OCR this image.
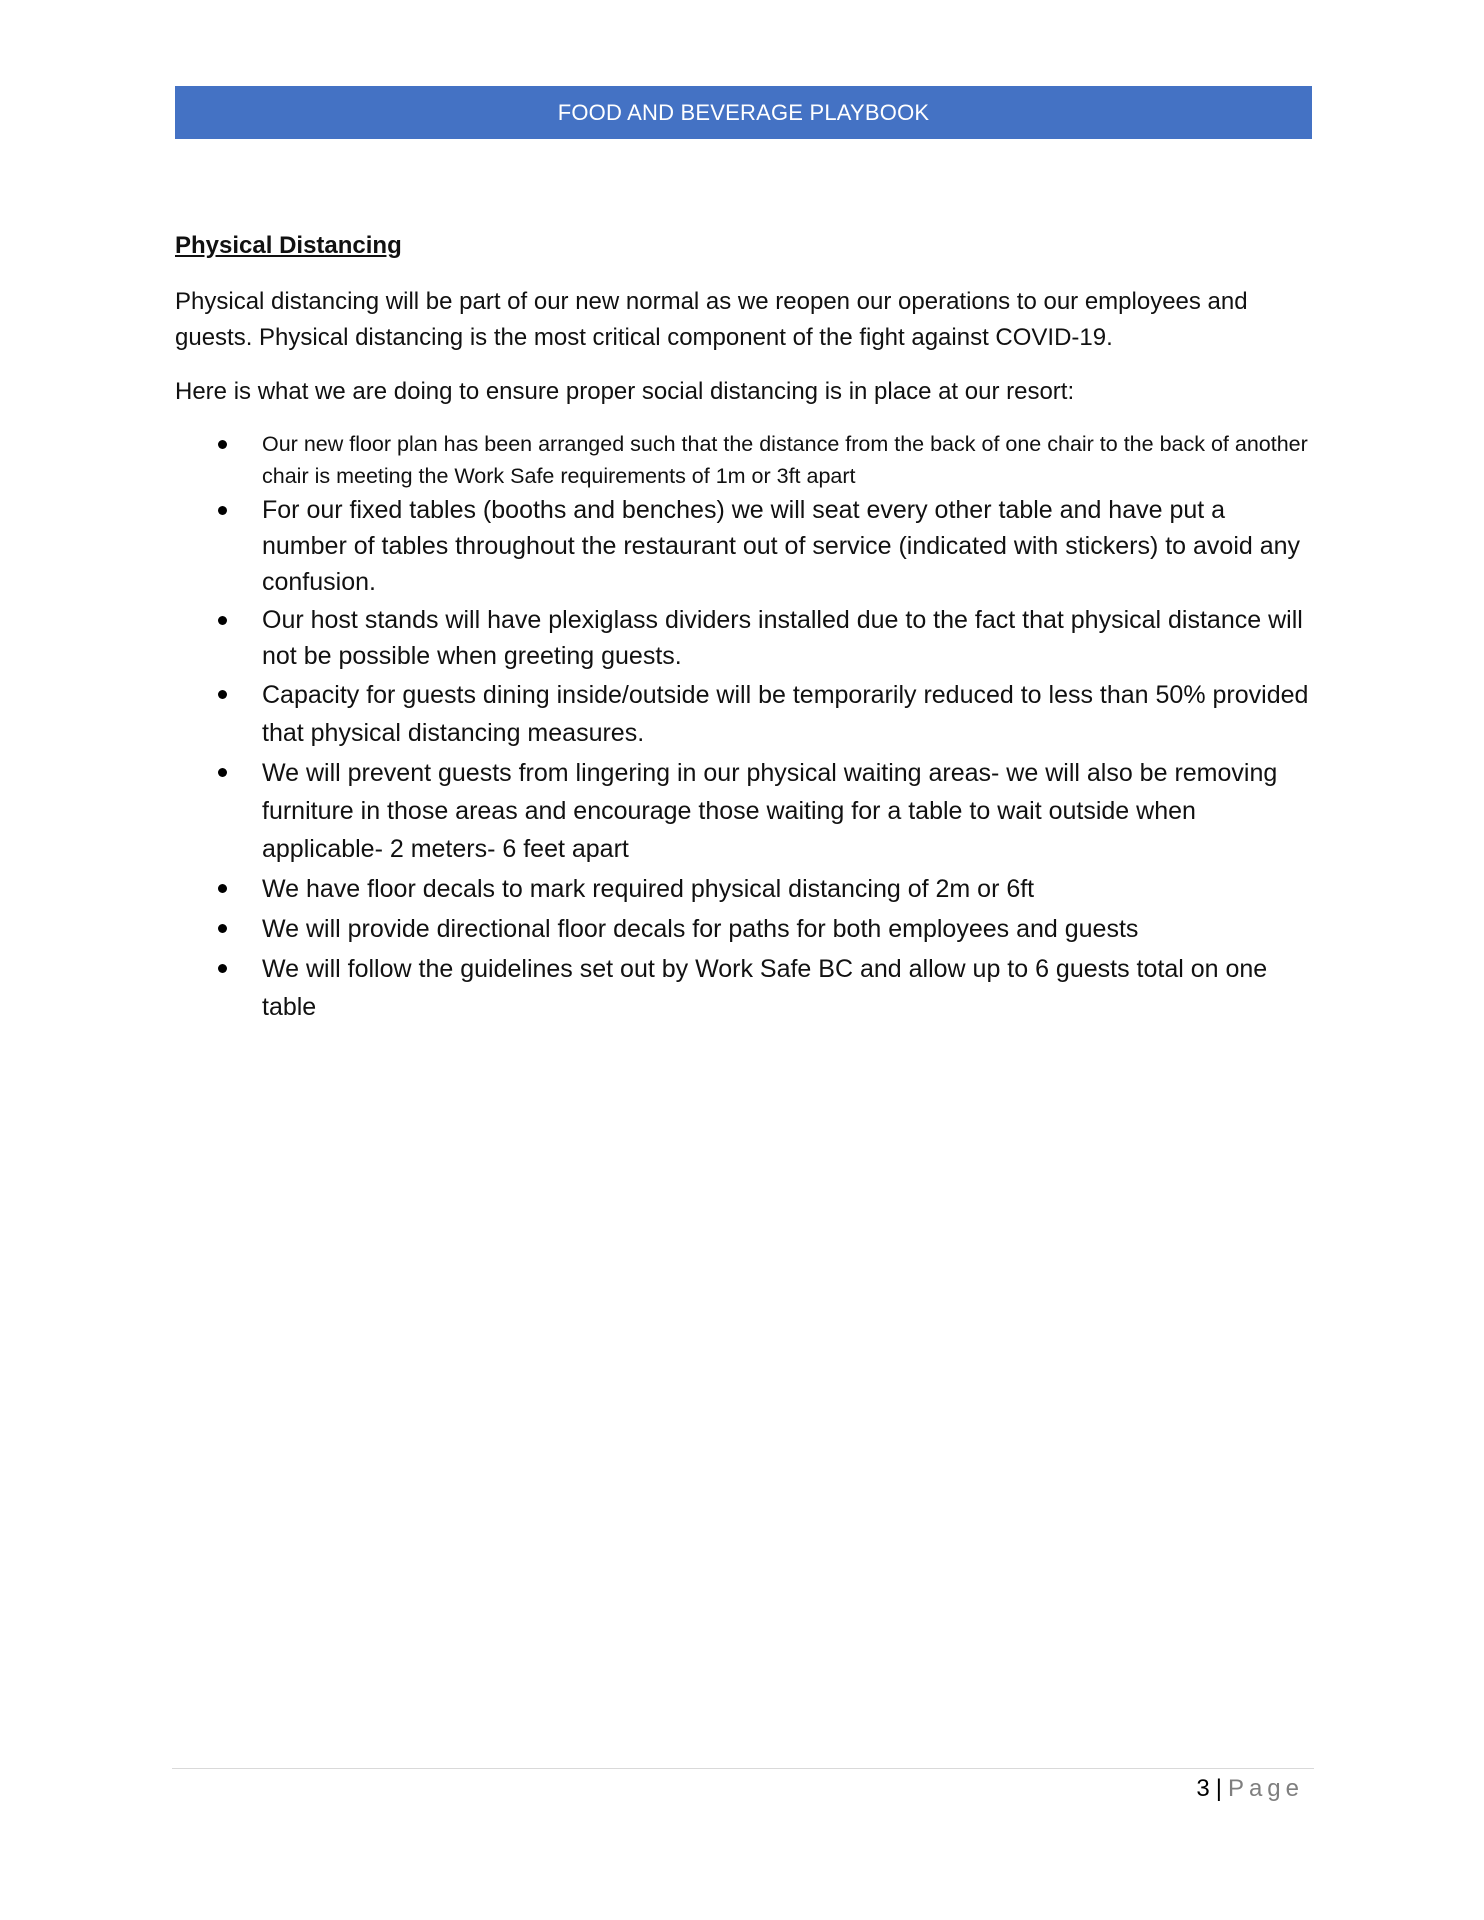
FOOD AND BEVERAGE PLAYBOOK
Physical Distancing

Physical distancing will be part of our new normal as we reopen our operations to our employees and guests. Physical distancing is the most critical component of the fight against COVID-19.

Here is what we are doing to ensure proper social distancing is in place at our resort:

Our new floor plan has been arranged such that the distance from the back of one chair to the back of another chair is meeting the Work Safe requirements of 1m or 3ft apart
For our fixed tables (booths and benches) we will seat every other table and have put a number of tables throughout the restaurant out of service (indicated with stickers) to avoid any confusion.
Our host stands will have plexiglass dividers installed due to the fact that physical distance will not be possible when greeting guests.
Capacity for guests dining inside/outside will be temporarily reduced to less than 50% provided that physical distancing measures.
We will prevent guests from lingering in our physical waiting areas- we will also be removing furniture in those areas and encourage those waiting for a table to wait outside when applicable- 2 meters- 6 feet apart
We have floor decals to mark required physical distancing of 2m or 6ft
We will provide directional floor decals for paths for both employees and guests
We will follow the guidelines set out by Work Safe BC and allow up to 6 guests total on one table
3 | Page
